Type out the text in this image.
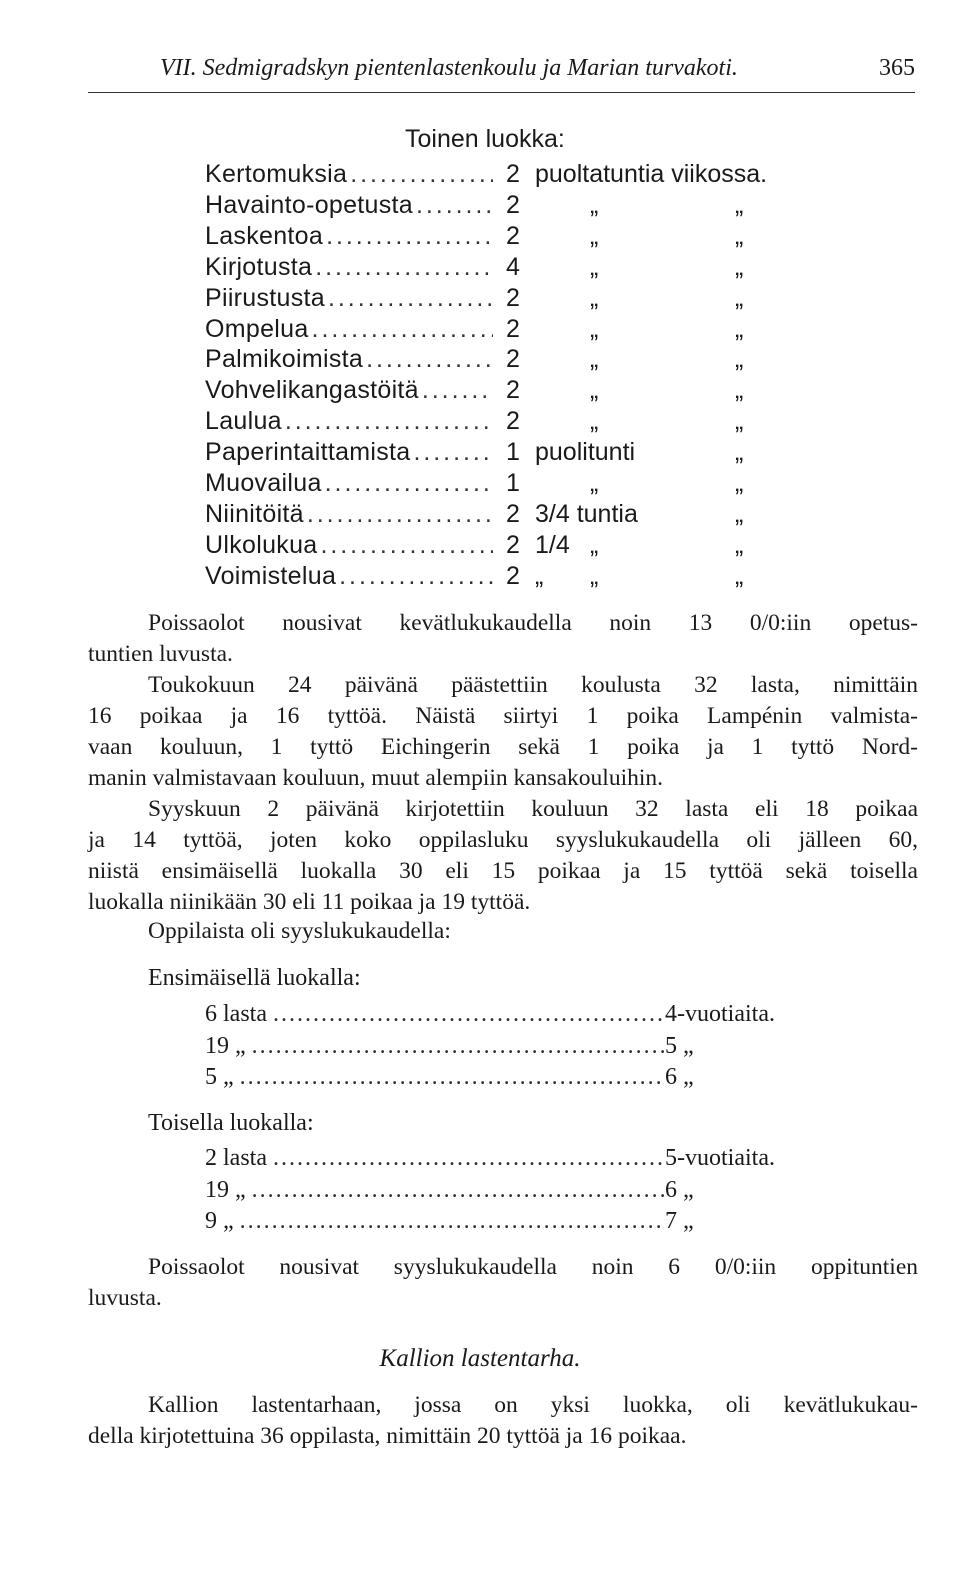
VII. Sedmigradskyn pientenlastenkoulu ja Marian turvakoti.	365
Toinen luokka:
Kertomuksia . . .	2 puoltatuntia viikossa.
Havainto-opetusta . . .	2	„	„
Laskentoa . . .	2	„	„
Kirjotusta . . .	4	„	„
Piirustusta . . .	2	„	„
Ompelua . . .	2	„	„
Palmikoimista . . .	2	„	„
Vohvelikangastöitä . . .	2	„	„
Laulua . . .	2	„	„
Paperintaittamista . . .	1 puolitunti	„
Muovailua . . .	1	„	„
Niinitöitä . . .	2 3/4 tuntia	„
Ulkolukua . . .	2 1/4 „	„
Voimistelua . . .	2 „ „	„
Poissaolot nousivat kevätlukukaudella noin 13 0/0:iin opetus-
tuntien luvusta.
Toukokuun 24 päivänä päästettiin koulusta 32 lasta, nimittäin
16 poikaa ja 16 tyttöä. Näistä siirtyi 1 poika Lampénin valmista-
vaan kouluun, 1 tyttö Eichingerin sekä 1 poika ja 1 tyttö Nord-
manin valmistavaan kouluun, muut alempiin kansakouluihin.
Syyskuun 2 päivänä kirjotettiin kouluun 32 lasta eli 18 poikaa
ja 14 tyttöä, joten koko oppilasluku syyslukukaudella oli jälleen 60,
niistä ensimäisellä luokalla 30 eli 15 poikaa ja 15 tyttöä sekä toisella
luokalla niinikään 30 eli 11 poikaa ja 19 tyttöä.
Oppilaista oli syyslukukaudella:
Ensimäisellä luokalla:
6 lasta . . .	4-vuotiaita.
19 „ . . .	5 „
5 „ . . .	6 „
Toisella luokalla:
2 lasta . . .	5-vuotiaita.
19 „ . . .	6 „
9 „ . . .	7 „
Poissaolot nousivat syyslukukaudella noin 6 0/0:iin oppituntien
luvusta.
Kallion lastentarha.
Kallion lastentarhaan, jossa on yksi luokka, oli kevätlukukau-
della kirjotettuina 36 oppilasta, nimittäin 20 tyttöä ja 16 poikaa.
